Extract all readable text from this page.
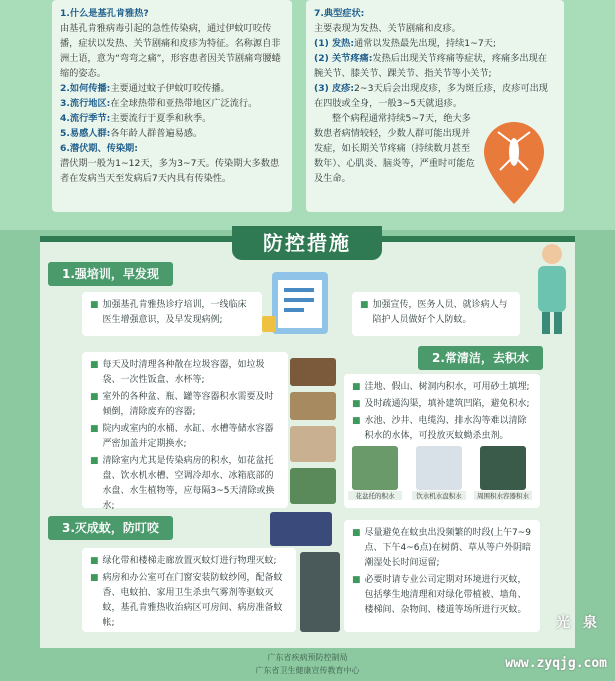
1.什么是基孔肯雅热?
由基孔肯雅病毒引起的急性传染病，通过伊蚊叮咬传播，症状以发热、关节剧痛和皮疹为特征。名称源自非洲土语，意为“弯弯之痛”，形容患者因关节剧痛弯腰蜷缩的姿态。
2.如何传播:主要通过蚊子伊蚊叮咬传播。
3.流行地区:在全球热带和亚热带地区广泛流行。
4.流行季节:主要流行于夏季和秋季。
5.易感人群:各年龄人群普遍易感。
6.潜伏期、传染期:
潜伏期一般为1~12天，多为3~7天。传染期大多数患者在发病当天至发病后7天内具有传染性。
7.典型症状:
主要表现为发热、关节剧痛和皮疹。
(1) 发热:通常以发热最先出现，持续1~7天;
(2) 关节疼痛:发热后出现关节疼痛等症状，疼痛多出现在腕关节、膝关节、踝关节、指关节等小关节;
(3) 皮疹:2~3天后会出现皮疹，多为斑丘疹，皮疹可出现在四肢或全身，一般3~5天就退疹。
整个病程通常持续5~7天，绝大多数患者病情较轻，少数人群可能出现并发症，如长期关节疼痛（持续数月甚至数年）、心肌炎、脑炎等，严重时可能危及生命。
防控措施
1.强培训，早发现
■ 加强基孔肯雅热诊疗培训，一线临床医生增强意识，及早发现病例;
■ 加强宣传，医务人员、就诊病人与陪护人员做好个人防蚊。
■ 每天及时清理各种散在垃圾容器，如垃圾袋、一次性饭盒、水杯等;
■ 室外的各种盆、瓶、罐等容器积水需要及时倾倒，清除废弃的容器;
■ 院内或室内的水桶、水缸、水槽等储水容器严密加盖并定期换水;
■ 清除室内尤其是传染病房的积水，如花盆托盘、饮水机水槽、空调冷却水、冰箱底部的水盘、水生植物等，应每隔3~5天清除或换水;
2.常清洁，去积水
■ 洼地、假山、树洞内积水，可用砂土填埋;
■ 及时疏通沟渠，填补建筑凹陷，避免积水;
■ 水池、沙井、电缆沟、排水沟等难以清除积水的水体，可投放灭蚊蚴杀虫剂。
花盆托的积水	饮水机水盘积水	周围积水容器积水
3.灭成蚊，防叮咬
■ 绿化带和楼梯走廊放置灭蚊灯进行物理灭蚊;
■ 病房和办公室可在门窗安装防蚊纱网，配备蚊香、电蚊拍、家用卫生杀虫气雾剂等驱蚊灭蚊，基孔肯雅热收治病区可房间、病房准备蚊帐;
■ 尽量避免在蚊虫出没频繁的时段(上午7~9点、下午4~6点)在树荫、草从等户外阴暗潮湿处长时间逗留;
■ 必要时请专业公司定期对环境进行灭蚊，包括孳生地清理和对绿化带植被、墙角、楼梯间、杂物间、楼道等场所进行灭蚊。
广东省疾病预防控制局
广东省卫生健康宣传教育中心
光 泉
www.zyqjg.com
